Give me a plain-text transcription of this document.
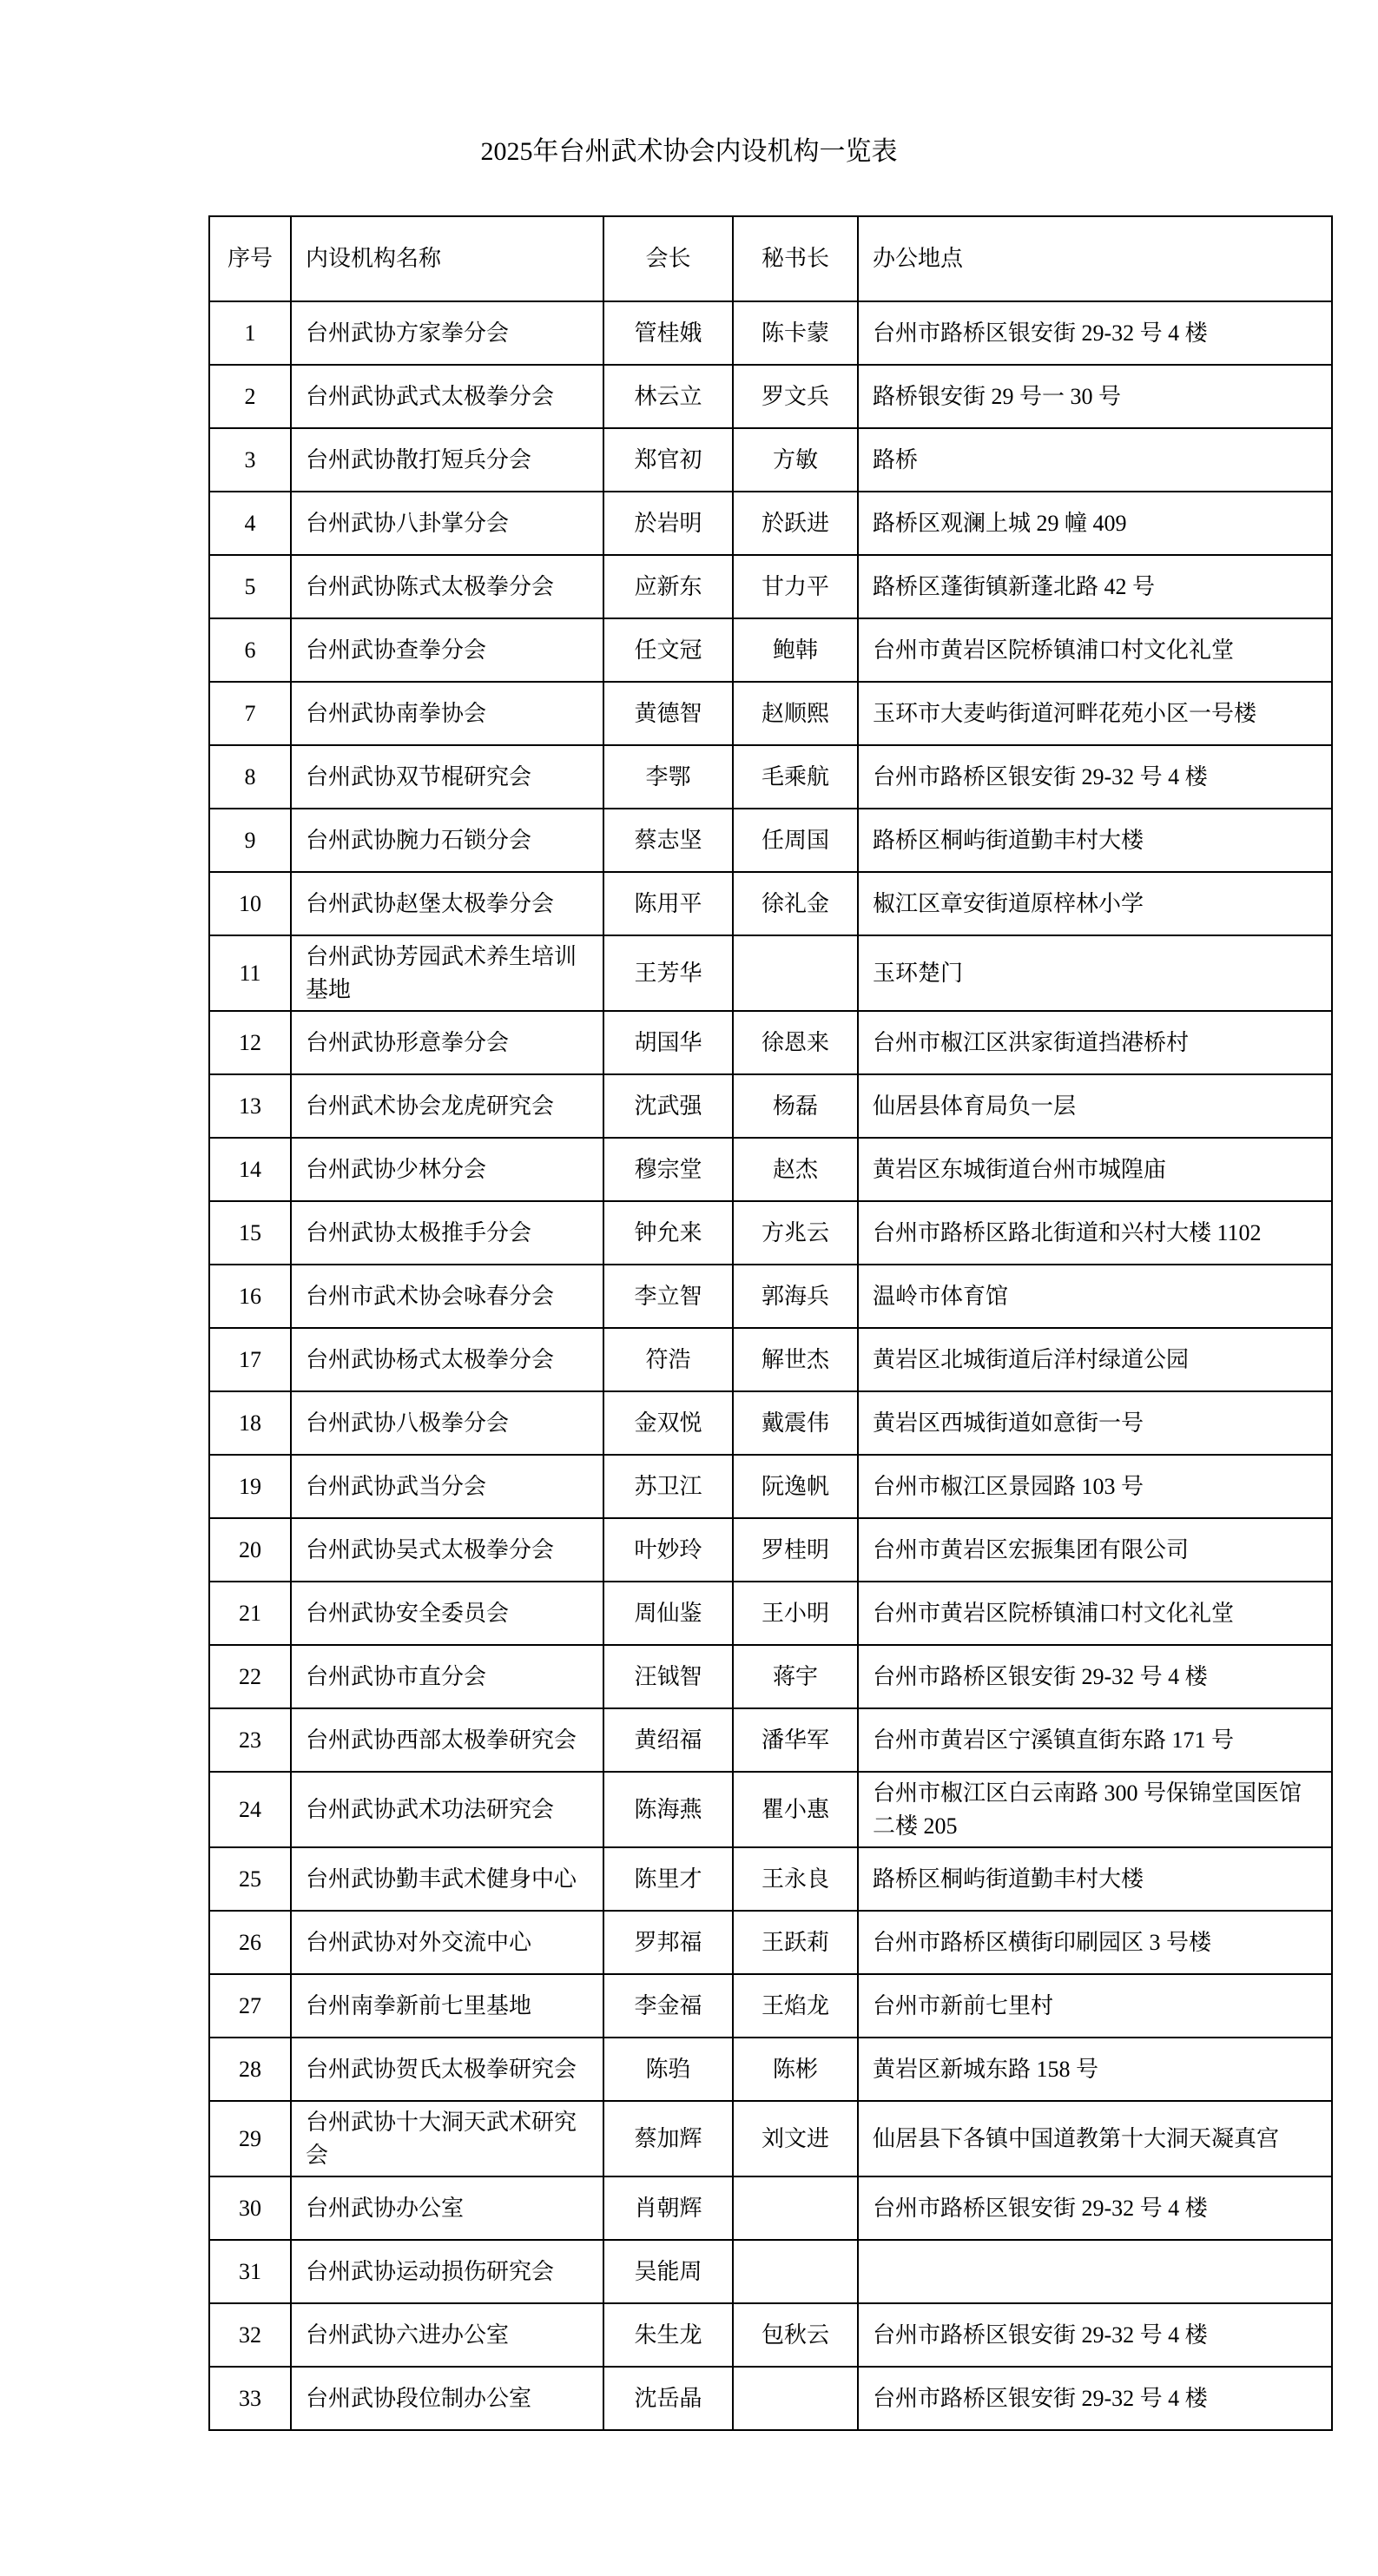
2025年台州武术协会内设机构一览表
序号	内设机构名称	会长	秘书长	办公地点
1	台州武协方家拳分会	管桂娥	陈卡蒙	台州市路桥区银安街 29-32 号 4 楼
2	台州武协武式太极拳分会	林云立	罗文兵	路桥银安街 29 号一 30 号
3	台州武协散打短兵分会	郑官初	方敏	路桥
4	台州武协八卦掌分会	於岩明	於跃进	路桥区观澜上城 29 幢 409
5	台州武协陈式太极拳分会	应新东	甘力平	路桥区蓬街镇新蓬北路 42 号
6	台州武协查拳分会	任文冠	鲍韩	台州市黄岩区院桥镇浦口村文化礼堂
7	台州武协南拳协会	黄德智	赵顺熙	玉环市大麦屿街道河畔花苑小区一号楼
8	台州武协双节棍研究会	李鄂	毛乘航	台州市路桥区银安街 29-32 号 4 楼
9	台州武协腕力石锁分会	蔡志坚	任周国	路桥区桐屿街道勤丰村大楼
10	台州武协赵堡太极拳分会	陈用平	徐礼金	椒江区章安街道原梓林小学
11	台州武协芳园武术养生培训基地	王芳华		玉环楚门
12	台州武协形意拳分会	胡国华	徐恩来	台州市椒江区洪家街道挡港桥村
13	台州武术协会龙虎研究会	沈武强	杨磊	仙居县体育局负一层
14	台州武协少林分会	穆宗堂	赵杰	黄岩区东城街道台州市城隍庙
15	台州武协太极推手分会	钟允来	方兆云	台州市路桥区路北街道和兴村大楼 1102
16	台州市武术协会咏春分会	李立智	郭海兵	温岭市体育馆
17	台州武协杨式太极拳分会	符浩	解世杰	黄岩区北城街道后洋村绿道公园
18	台州武协八极拳分会	金双悦	戴震伟	黄岩区西城街道如意街一号
19	台州武协武当分会	苏卫江	阮逸帆	台州市椒江区景园路 103 号
20	台州武协吴式太极拳分会	叶妙玲	罗桂明	台州市黄岩区宏振集团有限公司
21	台州武协安全委员会	周仙鉴	王小明	台州市黄岩区院桥镇浦口村文化礼堂
22	台州武协市直分会	汪钺智	蒋宇	台州市路桥区银安街 29-32 号 4 楼
23	台州武协西部太极拳研究会	黄绍福	潘华军	台州市黄岩区宁溪镇直街东路 171 号
24	台州武协武术功法研究会	陈海燕	瞿小惠	台州市椒江区白云南路 300 号保锦堂国医馆二楼 205
25	台州武协勤丰武术健身中心	陈里才	王永良	路桥区桐屿街道勤丰村大楼
26	台州武协对外交流中心	罗邦福	王跃莉	台州市路桥区横街印刷园区 3 号楼
27	台州南拳新前七里基地	李金福	王焰龙	台州市新前七里村
28	台州武协贺氏太极拳研究会	陈驺	陈彬	黄岩区新城东路 158 号
29	台州武协十大洞天武术研究会	蔡加辉	刘文进	仙居县下各镇中国道教第十大洞天凝真宫
30	台州武协办公室	肖朝辉		台州市路桥区银安街 29-32 号 4 楼
31	台州武协运动损伤研究会	吴能周		
32	台州武协六进办公室	朱生龙	包秋云	台州市路桥区银安街 29-32 号 4 楼
33	台州武协段位制办公室	沈岳晶		台州市路桥区银安街 29-32 号 4 楼
